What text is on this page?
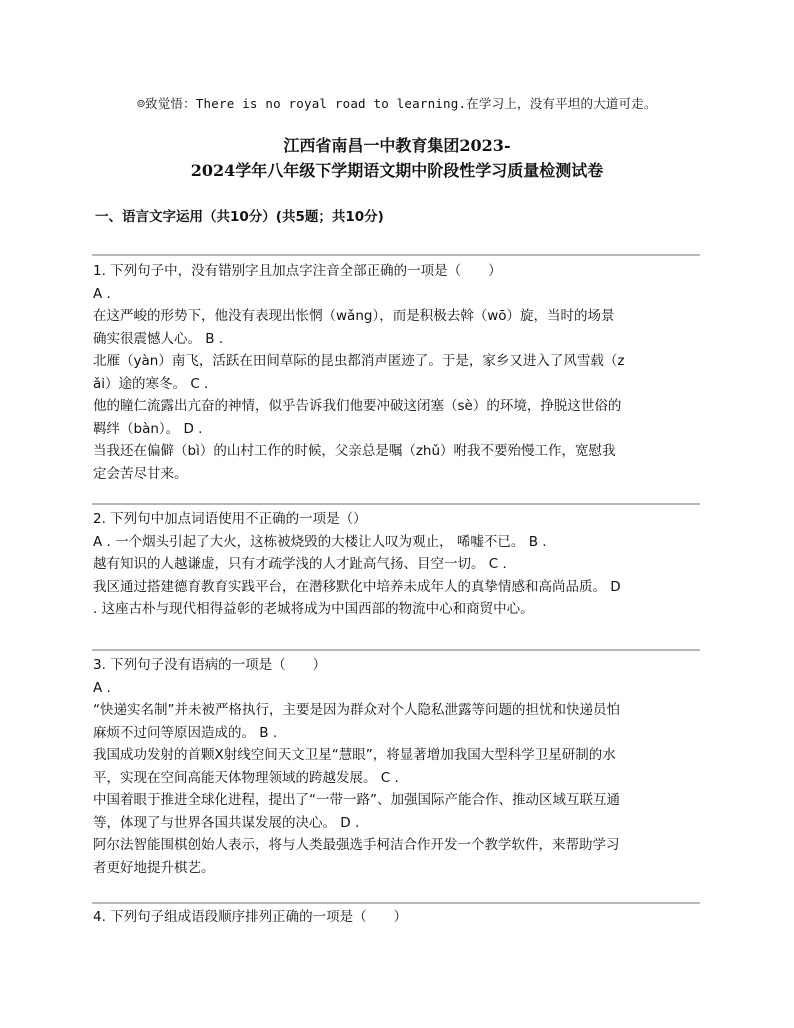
☺致觉悟：There is no royal road to learning.在学习上，没有平坦的大道可走。
江西省南昌一中教育集团2023-
2024学年八年级下学期语文期中阶段性学习质量检测试卷
一、语言文字运用（共10分）(共5题；共10分)

1. 下列句子中，没有错别字且加点字注音全部正确的一项是（　　）

A .

在这严峻的形势下，他没有表现出怅惘（wǎng），而是积极去斡（wō）旋，当时的场景

确实很震憾人心。 B .

北雁（yàn）南飞，活跃在田间草际的昆虫都消声匿迹了。于是，家乡又进入了风雪载（z

ǎi）途的寒冬。 C .

他的瞳仁流露出亢奋的神情，似乎告诉我们他要冲破这闭塞（sè）的环境，挣脱这世俗的

羁绊（bàn）。 D .

当我还在偏僻（bì）的山村工作的时候，父亲总是嘱（zhǔ）咐我不要殆慢工作，宽慰我

定会苦尽甘来。

2. 下列句中加点词语使用不正确的一项是（）

A . 一个烟头引起了大火，这栋被烧毁的大楼让人叹为观止， 唏嘘不已。 B .

越有知识的人越谦虚，只有才疏学浅的人才趾高气扬、目空一切。 C .

我区通过搭建德育教育实践平台，在潜移默化中培养未成年人的真挚情感和高尚品质。 D

. 这座古朴与现代相得益彰的老城将成为中国西部的物流中心和商贸中心。

3. 下列句子没有语病的一项是（　　）

A .

“快递实名制”并未被严格执行，主要是因为群众对个人隐私泄露等问题的担忧和快递员怕

麻烦不过问等原因造成的。 B .

我国成功发射的首颗X射线空间天文卫星“慧眼”，将显著增加我国大型科学卫星研制的水

平，实现在空间高能天体物理领域的跨越发展。 C .

中国着眼于推进全球化进程，提出了“一带一路”、加强国际产能合作、推动区域互联互通

等，体现了与世界各国共谋发展的决心。 D .

阿尔法智能围棋创始人表示，将与人类最强选手柯洁合作开发一个教学软件，来帮助学习

者更好地提升棋艺。

4. 下列句子组成语段顺序排列正确的一项是（　　）
